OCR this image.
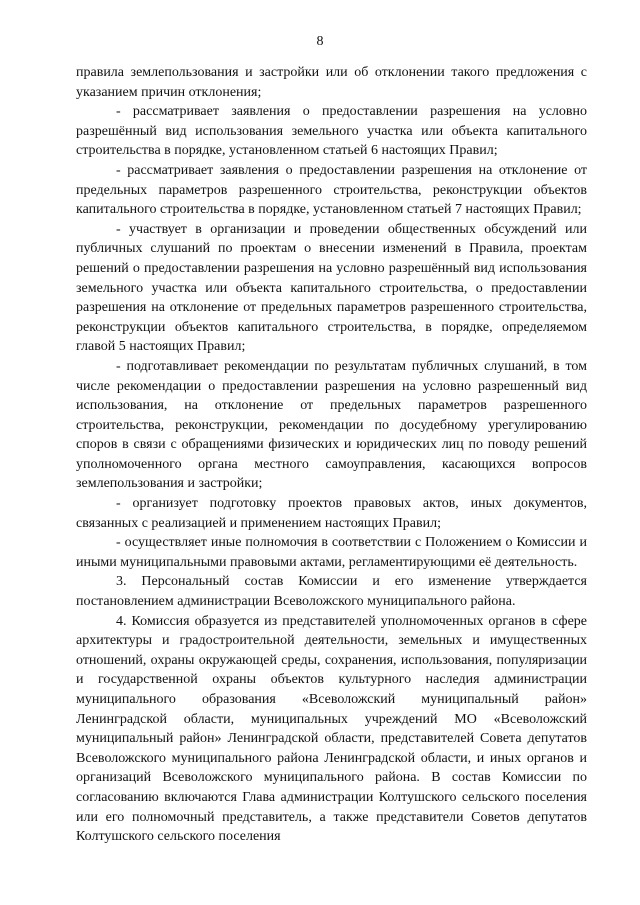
8

правила землепользования и застройки или об отклонении такого предложения с указанием причин отклонения;

- рассматривает заявления о предоставлении разрешения на условно разрешённый вид использования земельного участка или объекта капитального строительства в порядке, установленном статьей 6 настоящих Правил;

- рассматривает заявления о предоставлении разрешения на отклонение от предельных параметров разрешенного строительства, реконструкции объектов капитального строительства в порядке, установленном статьей 7 настоящих Правил;

- участвует в организации и проведении общественных обсуждений или публичных слушаний по проектам о внесении изменений в Правила, проектам решений о предоставлении разрешения на условно разрешённый вид использования земельного участка или объекта капитального строительства, о предоставлении разрешения на отклонение от предельных параметров разрешенного строительства, реконструкции объектов капитального строительства, в порядке, определяемом главой 5 настоящих Правил;

- подготавливает рекомендации по результатам публичных слушаний, в том числе рекомендации о предоставлении разрешения на условно разрешенный вид использования, на отклонение от предельных параметров разрешенного строительства, реконструкции, рекомендации по досудебному урегулированию споров в связи с обращениями физических и юридических лиц по поводу решений уполномоченного органа местного самоуправления, касающихся вопросов землепользования и застройки;

- организует подготовку проектов правовых актов, иных документов, связанных с реализацией и применением настоящих Правил;

- осуществляет иные полномочия в соответствии с Положением о Комиссии и иными муниципальными правовыми актами, регламентирующими её деятельность.

3. Персональный состав Комиссии и его изменение утверждается постановлением администрации Всеволожского муниципального района.

4. Комиссия образуется из представителей уполномоченных органов в сфере архитектуры и градостроительной деятельности, земельных и имущественных отношений, охраны окружающей среды, сохранения, использования, популяризации и государственной охраны объектов культурного наследия администрации муниципального образования «Всеволожский муниципальный район» Ленинградской области, муниципальных учреждений МО «Всеволожский муниципальный район» Ленинградской области, представителей Совета депутатов Всеволожского муниципального района Ленинградской области, и иных органов и организаций Всеволожского муниципального района. В состав Комиссии по согласованию включаются Глава администрации Колтушского сельского поселения или его полномочный представитель, а также представители Советов депутатов Колтушского сельского поселения
